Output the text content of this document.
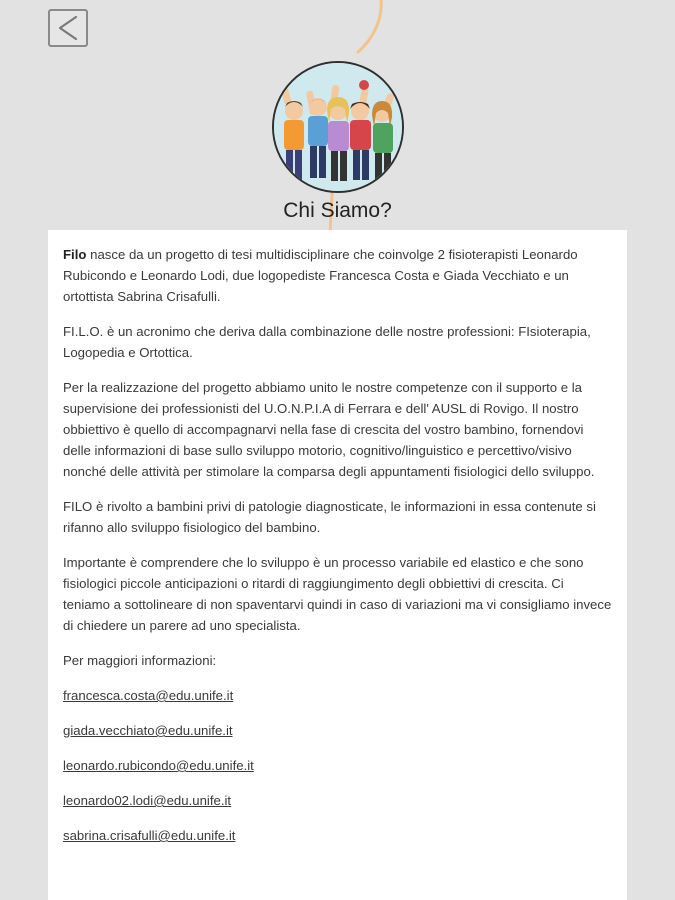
Chi Siamo?

Filo nasce da un progetto di tesi multidisciplinare che coinvolge 2 fisioterapisti Leonardo Rubicondo e Leonardo Lodi, due logopediste Francesca Costa e Giada Vecchiato e un ortottista Sabrina Crisafulli.

FI.L.O. è un acronimo che deriva dalla combinazione delle nostre professioni: FIsioterapia, Logopedia e Ortottica.

Per la realizzazione del progetto abbiamo unito le nostre competenze con il supporto e la supervisione dei professionisti del U.O.N.P.I.A di Ferrara e dell' AUSL di Rovigo. Il nostro obbiettivo è quello di accompagnarvi nella fase di crescita del vostro bambino, fornendovi delle informazioni di base sullo sviluppo motorio, cognitivo/linguistico e percettivo/visivo nonché delle attività per stimolare la comparsa degli appuntamenti fisiologici dello sviluppo.

FILO è rivolto a bambini privi di patologie diagnosticate, le informazioni in essa contenute si rifanno allo sviluppo fisiologico del bambino.

Importante è comprendere che lo sviluppo è un processo variabile ed elastico e che sono fisiologici piccole anticipazioni o ritardi di raggiungimento degli obbiettivi di crescita. Ci teniamo a sottolineare di non spaventarvi quindi in caso di variazioni ma vi consigliamo invece di chiedere un parere ad uno specialista.

Per maggiori informazioni:

francesca.costa@edu.unife.it
giada.vecchiato@edu.unife.it
leonardo.rubicondo@edu.unife.it
leonardo02.lodi@edu.unife.it
sabrina.crisafulli@edu.unife.it
